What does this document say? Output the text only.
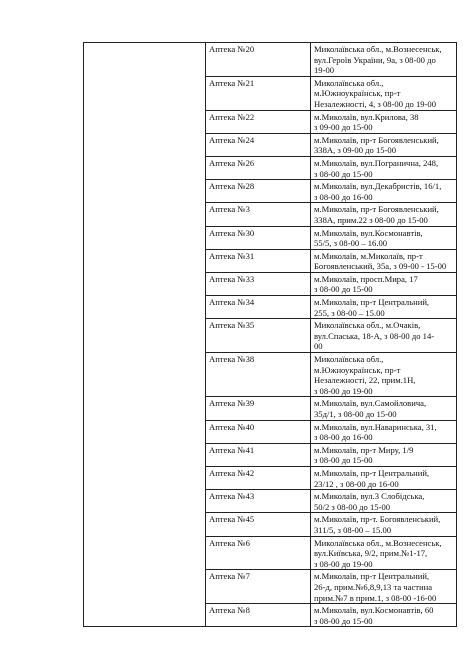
	Аптека №20	Миколаївська обл., м.Вознесенськ,
вул.Героїв України, 9а, з 08-00 до
19-00

	Аптека №21	Миколаївська обл.,
м.Южноукраїнськ, пр-т
Незалежності, 4, з 08-00 до 19-00

	Аптека №22	м.Миколаїв, вул.Крилова, 38
з 09-00 до 15-00

	Аптека №24	м.Миколаїв, пр-т Богоявленський,
338А, з 09-00 до 15-00

	Аптека №26	м.Миколаїв, вул.Погранична, 248,
з 08-00 до 15-00

	Аптека №28	м.Миколаїв, вул.Декабристів, 16/1,
з 08-00 до 16-00

	Аптека №3	м.Миколаїв, пр-т Богоявленський,
338А, прим.22 з 08-00 до 15-00

	Аптека №30	м.Миколаїв, вул.Космонавтів,
55/5, з 08-00 – 16.00

	Аптека №31	м.Миколаїв, м.Миколаїв, пр-т
Богоявленський, 35а, з 09-00 - 15-00

	Аптека №33	м.Миколаїв, просп.Мира, 17
з 08-00 до 15-00

	Аптека №34	м.Миколаїв, пр-т Центральний,
255, з 08-00 – 15.00

	Аптека №35	Миколаївська обл., м.Очаків,
вул.Спаська, 18-А, з 08-00 до 14-
00

	Аптека №38	Миколаївська обл.,
м.Южноукраїнськ, пр-т
Незалежності, 22, прим.1Н,
з 08-00 до 19-00

	Аптека №39	м.Миколаїв, вул.Самойловича,
35д/1, з 08-00 до 15-00

	Аптека №40	м.Миколаїв, вул.Наваринська, 31,
з 08-00 до 16-00

	Аптека №41	м.Миколаїв, пр-т Миру, 1/9
з 08-00 до 15-00

	Аптека №42	м.Миколаїв, пр-т Центральний,
23/12 , з 08-00 до 16-00

	Аптека №43	м.Миколаїв, вул.3 Слобідська,
50/2 з 08-00 до 15-00

	Аптека №45	м.Миколаїв, пр-т. Богоявленський,
311/5, з 08-00 – 15.00

	Аптека №6	Миколаївська обл., м.Вознесенськ,
вул.Київська, 9/2, прим.№1-17,
з 08-00 до 19-00

	Аптека №7	м.Миколаїв, пр-т Центральний,
26-д, прим.№6,8,9,13 та частина
прим.№7 в прим.1, з 08-00 -16-00

	Аптека №8	м.Миколаїв, вул.Космонавтів, 60
з 08-00 до 15-00
